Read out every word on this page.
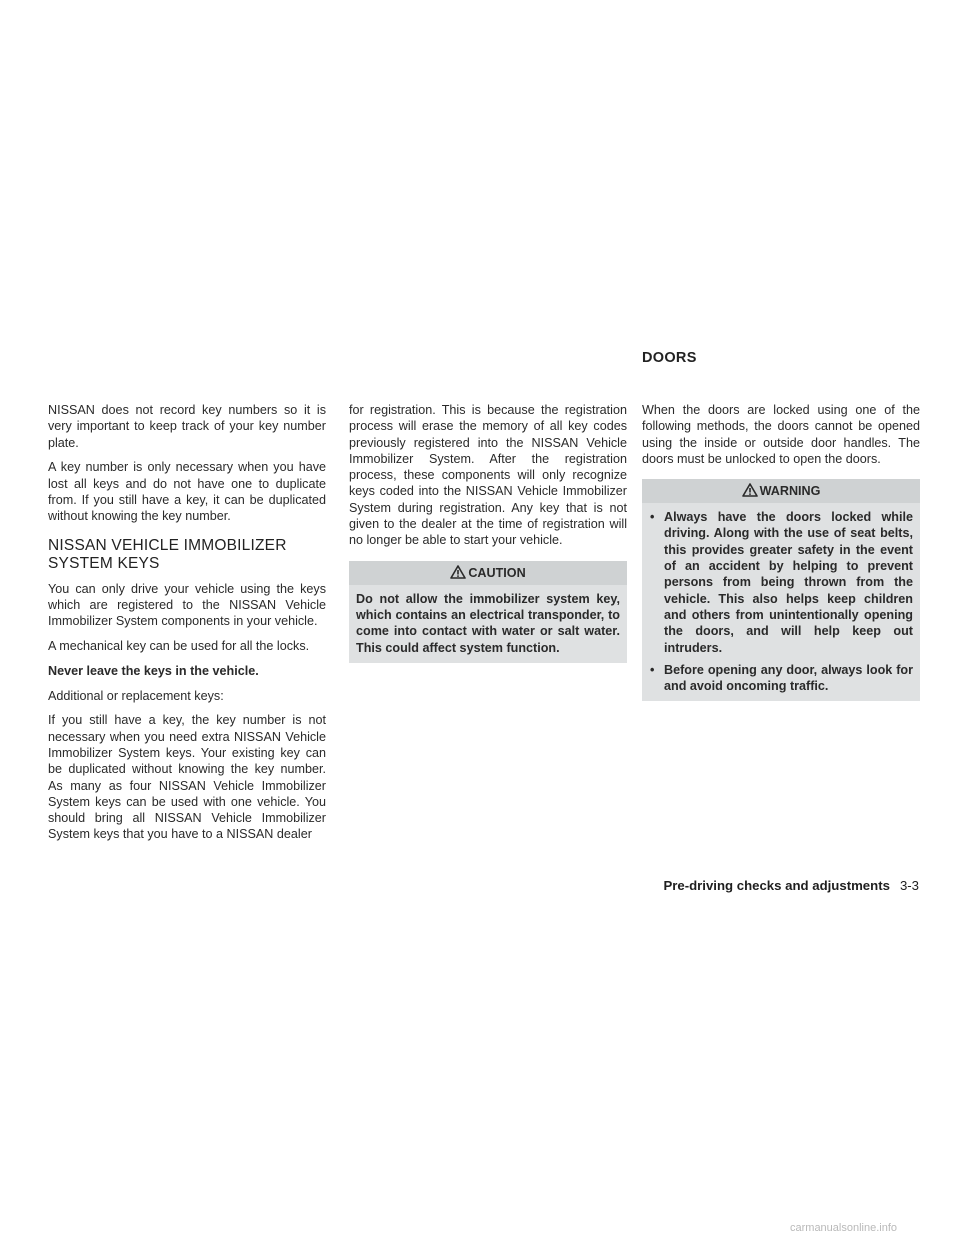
NISSAN does not record key numbers so it is very important to keep track of your key number plate.

A key number is only necessary when you have lost all keys and do not have one to duplicate from. If you still have a key, it can be duplicated without knowing the key number.

NISSAN VEHICLE IMMOBILIZER SYSTEM KEYS

You can only drive your vehicle using the keys which are registered to the NISSAN Vehicle Immobilizer System components in your vehicle.

A mechanical key can be used for all the locks.

Never leave the keys in the vehicle.

Additional or replacement keys:

If you still have a key, the key number is not necessary when you need extra NISSAN Vehicle Immobilizer System keys. Your existing key can be duplicated without knowing the key number. As many as four NISSAN Vehicle Immobilizer System keys can be used with one vehicle. You should bring all NISSAN Vehicle Immobilizer System keys that you have to a NISSAN dealer

for registration. This is because the registration process will erase the memory of all key codes previously registered into the NISSAN Vehicle Immobilizer System. After the registration process, these components will only recognize keys coded into the NISSAN Vehicle Immobilizer System during registration. Any key that is not given to the dealer at the time of registration will no longer be able to start your vehicle.

CAUTION
Do not allow the immobilizer system key, which contains an electrical transponder, to come into contact with water or salt water. This could affect system function.
DOORS

When the doors are locked using one of the following methods, the doors cannot be opened using the inside or outside door handles. The doors must be unlocked to open the doors.

WARNING
• Always have the doors locked while driving. Along with the use of seat belts, this provides greater safety in the event of an accident by helping to prevent persons from being thrown from the vehicle. This also helps keep children and others from unintentionally opening the doors, and will help keep out intruders.
• Before opening any door, always look for and avoid oncoming traffic.
Pre-driving checks and adjustments 3-3
carmanualsonline.info
